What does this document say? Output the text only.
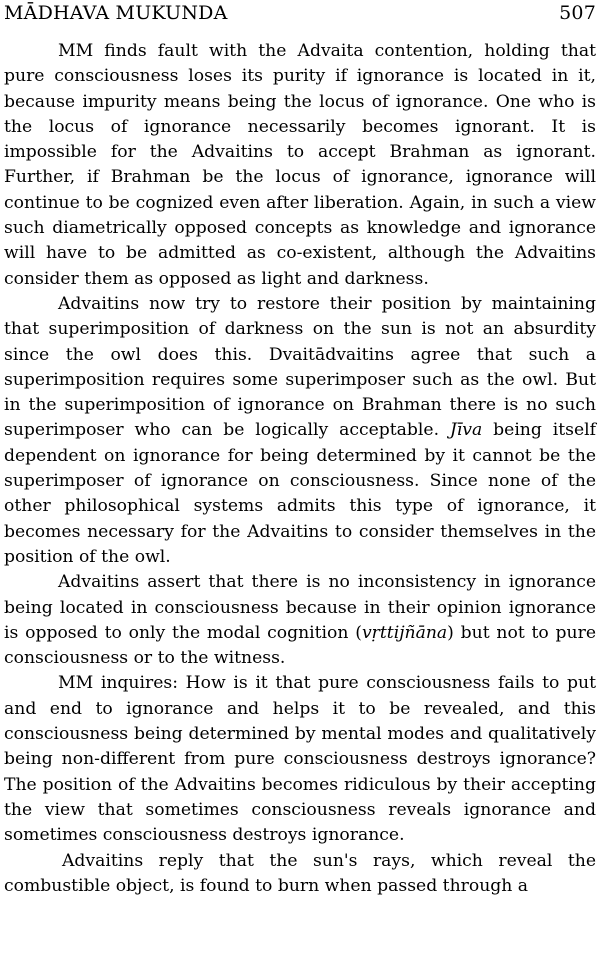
MĀDHAVA MUKUNDA	507

MM finds fault with the Advaita contention, holding that pure consciousness loses its purity if ignorance is located in it, because impurity means being the locus of ignorance. One who is the locus of ignorance necessarily becomes ignorant. It is impossible for the Advaitins to accept Brahman as ignorant. Further, if Brahman be the locus of ignorance, ignorance will continue to be cognized even after liberation. Again, in such a view such diametrically opposed concepts as knowledge and ignorance will have to be admitted as co-existent, although the Advaitins consider them as opposed as light and darkness.

Advaitins now try to restore their position by maintaining that superimposition of darkness on the sun is not an absurdity since the owl does this. Dvaitādvaitins agree that such a superimposition requires some superimposer such as the owl. But in the superimposition of ignorance on Brahman there is no such superimposer who can be logically acceptable. Jīva being itself dependent on ignorance for being determined by it cannot be the superimposer of ignorance on consciousness. Since none of the other philosophical systems admits this type of ignorance, it becomes necessary for the Advaitins to consider themselves in the position of the owl.

Advaitins assert that there is no inconsistency in ignorance being located in consciousness because in their opinion ignorance is opposed to only the modal cognition (vṛttijñāna) but not to pure consciousness or to the witness.

MM inquires: How is it that pure consciousness fails to put and end to ignorance and helps it to be revealed, and this consciousness being determined by mental modes and qualitatively being non-different from pure consciousness destroys ignorance? The position of the Advaitins becomes ridiculous by their accepting the view that sometimes consciousness reveals ignorance and sometimes consciousness destroys ignorance.

Advaitins reply that the sun's rays, which reveal the combustible object, is found to burn when passed through a
